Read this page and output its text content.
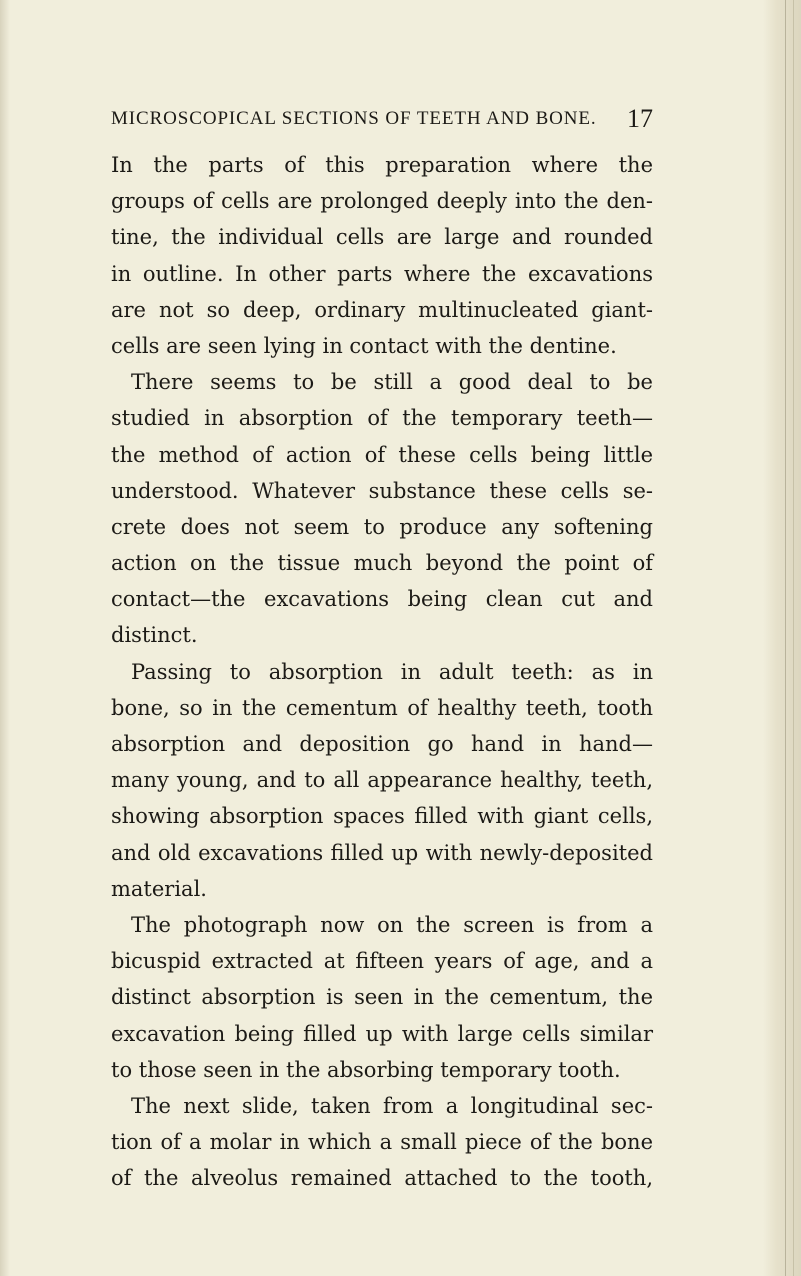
MICROSCOPICAL SECTIONS OF TEETH AND BONE. 17
In the parts of this preparation where the
groups of cells are prolonged deeply into the den-
tine, the individual cells are large and rounded
in outline. In other parts where the excavations
are not so deep, ordinary multinucleated giant-
cells are seen lying in contact with the dentine.
There seems to be still a good deal to be
studied in absorption of the temporary teeth—
the method of action of these cells being little
understood. Whatever substance these cells se-
crete does not seem to produce any softening
action on the tissue much beyond the point of
contact—the excavations being clean cut and
distinct.
Passing to absorption in adult teeth: as in
bone, so in the cementum of healthy teeth, tooth
absorption and deposition go hand in hand—
many young, and to all appearance healthy, teeth,
showing absorption spaces filled with giant cells,
and old excavations filled up with newly-deposited
material.
The photograph now on the screen is from a
bicuspid extracted at fifteen years of age, and a
distinct absorption is seen in the cementum, the
excavation being filled up with large cells similar
to those seen in the absorbing temporary tooth.
The next slide, taken from a longitudinal sec-
tion of a molar in which a small piece of the bone
of the alveolus remained attached to the tooth,
